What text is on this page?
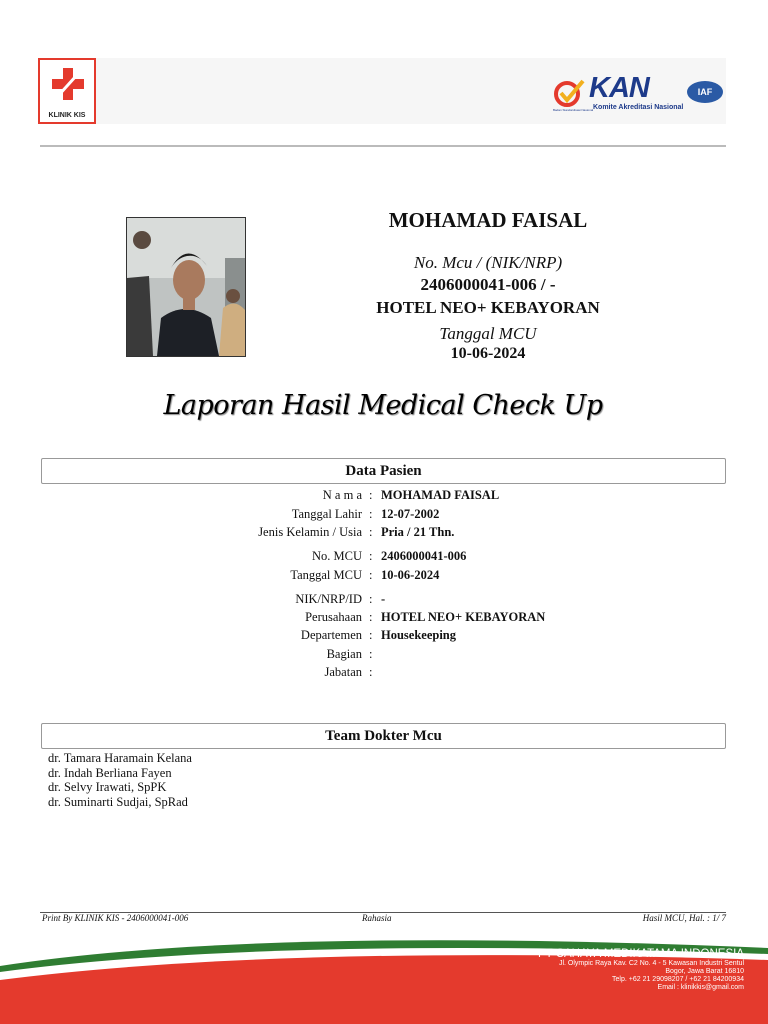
KLINIK KIS
KAN
Komite Akreditasi Nasional
Badan Standardisasi Nasional
IAF
MOHAMAD FAISAL
No. Mcu / (NIK/NRP)
2406000041-006 / -
HOTEL NEO+ KEBAYORAN
Tanggal MCU
10-06-2024
Laporan Hasil Medical Check Up
Data Pasien
N a m a : MOHAMAD FAISAL
Tanggal Lahir : 12-07-2002
Jenis Kelamin / Usia : Pria / 21 Thn.
No. MCU : 2406000041-006
Tanggal MCU : 10-06-2024
NIK/NRP/ID : -
Perusahaan : HOTEL NEO+ KEBAYORAN
Departemen : Housekeeping
Bagian :
Jabatan :
Team Dokter Mcu
dr. Tamara Haramain Kelana
dr. Indah Berliana Fayen
dr. Selvy Irawati, SpPK
dr. Suminarti Sudjai, SpRad
Print By KLINIK KIS - 2406000041-006	Rahasia	Hasil MCU, Hal. : 1/ 7
PT CAHAYA MEDIKATAMA INDONESIA
Jl. Olympic Raya Kav. C2 No. 4 - 5 Kawasan Industri Sentul
Bogor, Jawa Barat 16810
Telp. +62 21 29098207 / +62 21 84200934
Email : klinikkis@gmail.com
